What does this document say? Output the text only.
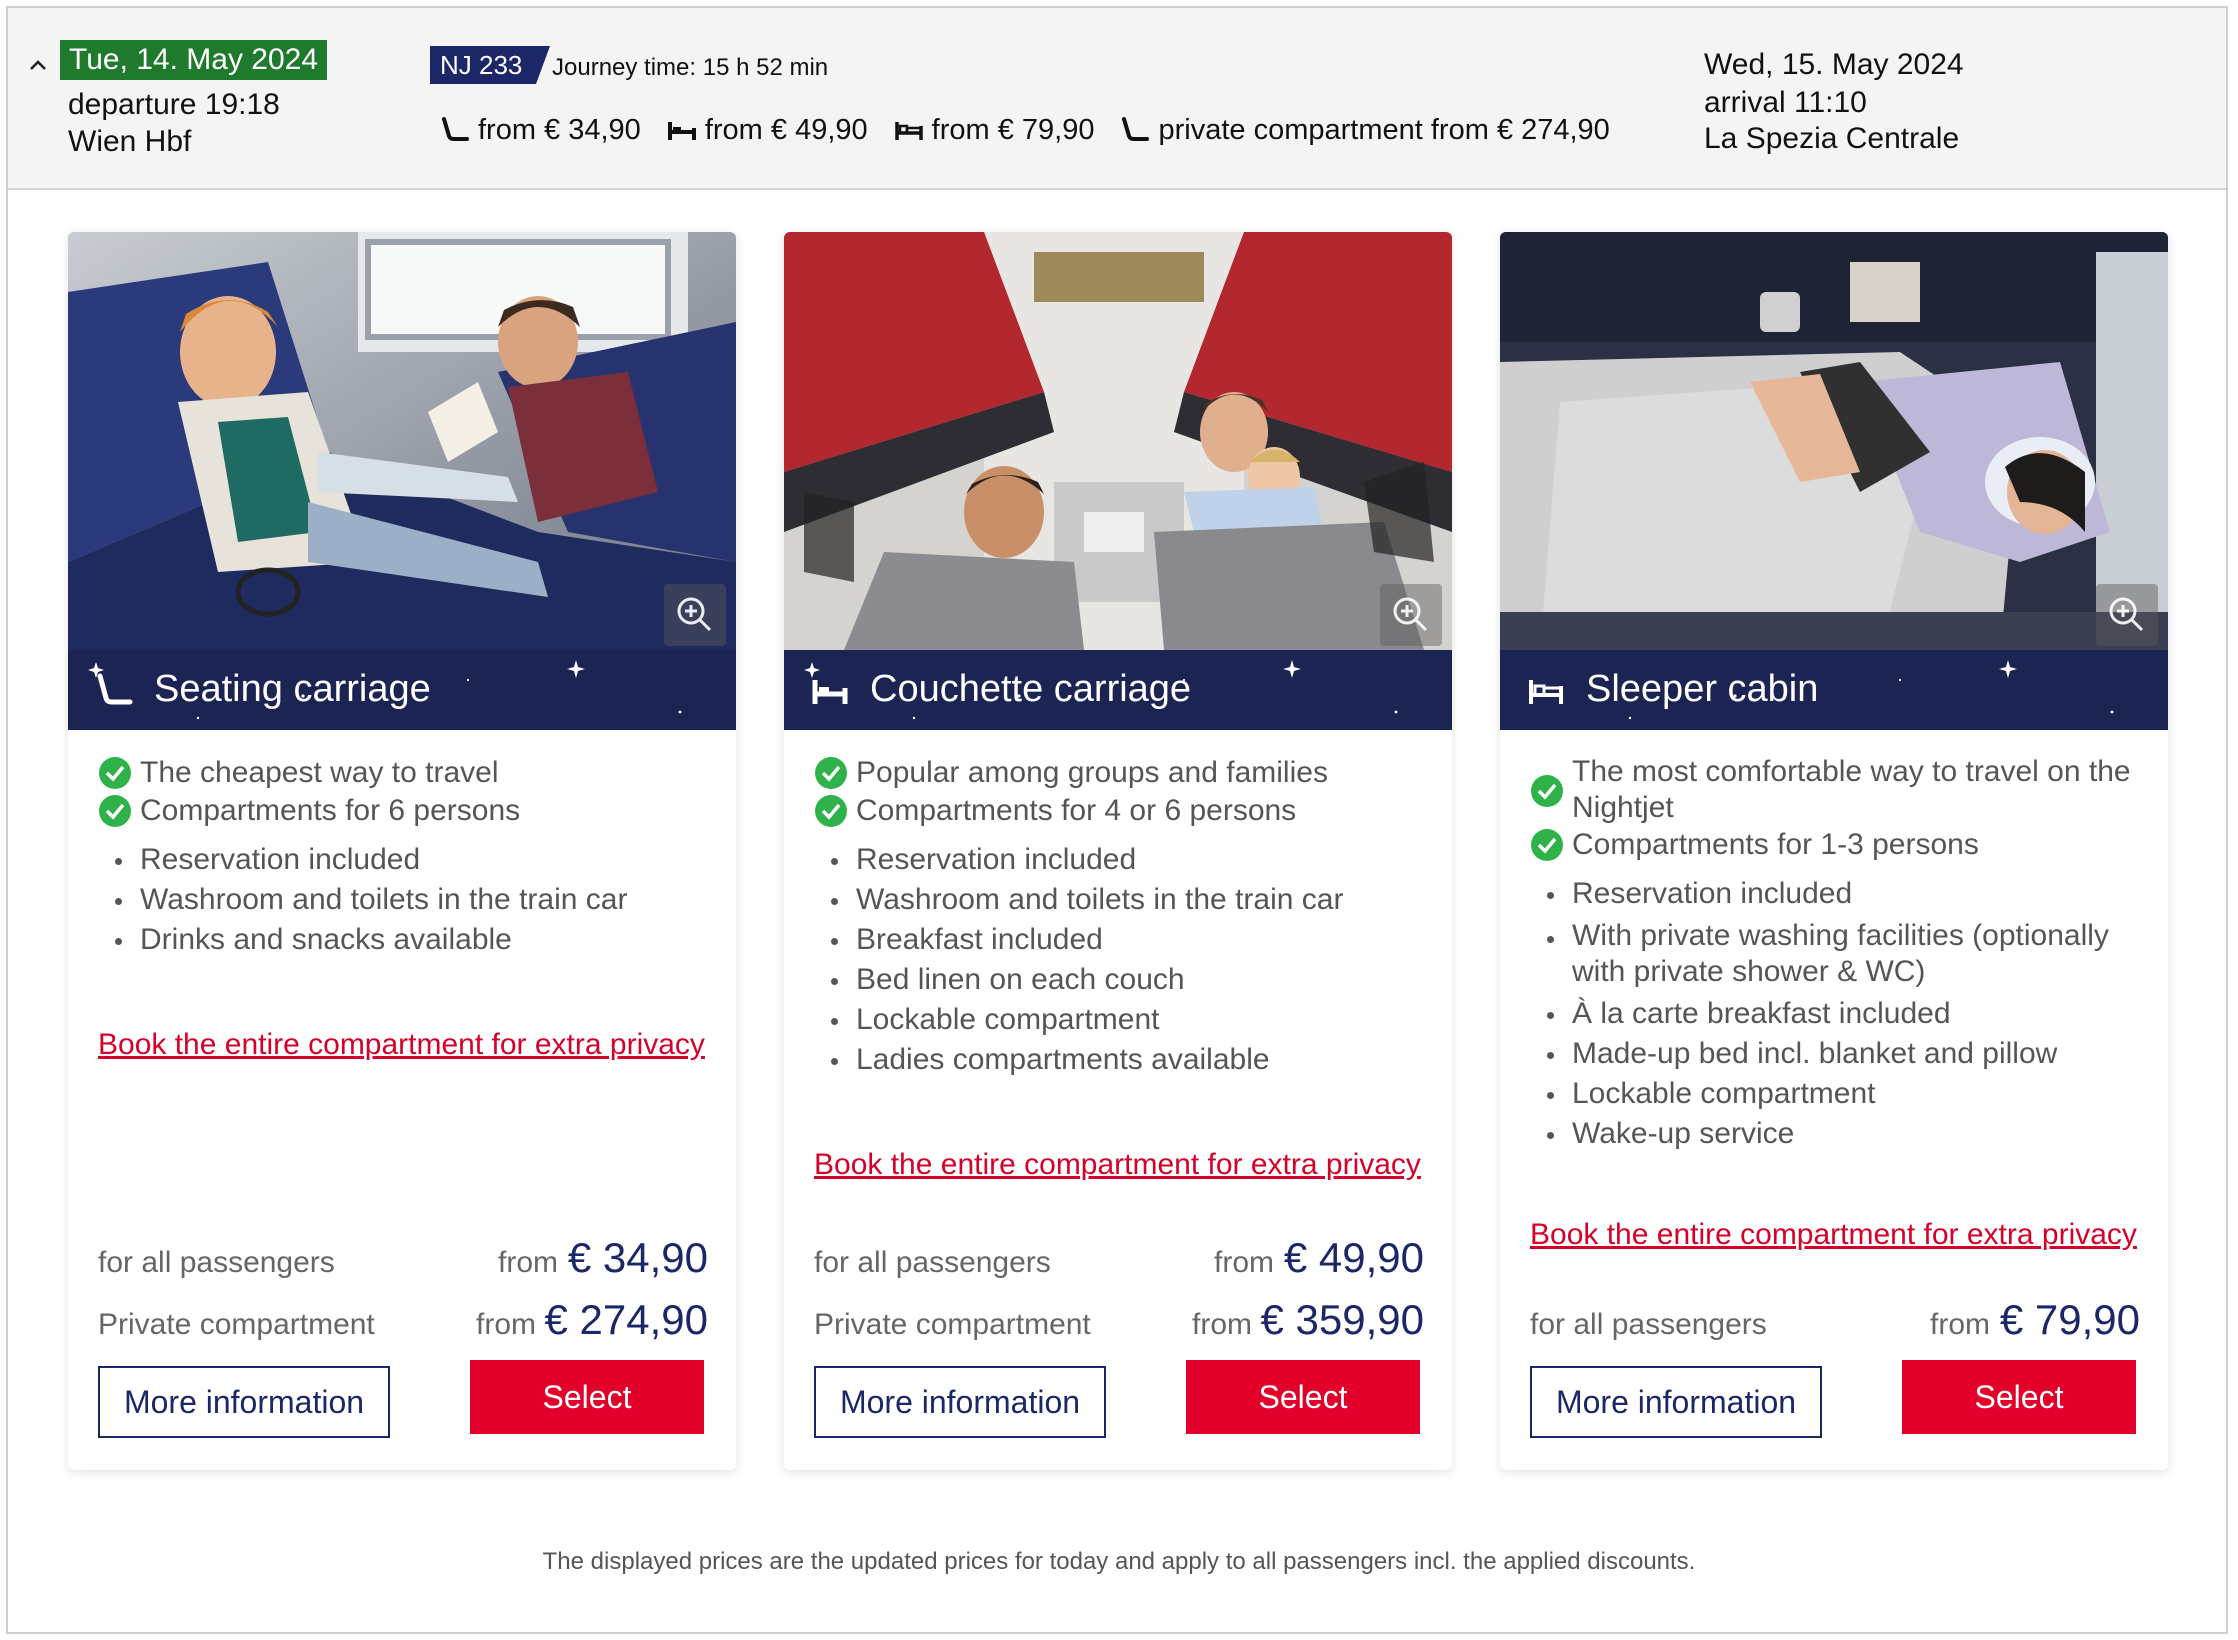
Tue, 14. May 2024
departure 19:18
Wien Hbf
NJ 233	Journey time: 15 h 52 min
from € 34,90 from € 49,90 from € 79,90 private compartment from € 274,90
Wed, 15. May 2024
arrival 11:10
La Spezia Centrale
Seating carriage
The cheapest way to travel
Compartments for 6 persons
Reservation included
Washroom and toilets in the train car
Drinks and snacks available
Book the entire compartment for extra privacy
for all passengers	from € 34,90
Private compartment	from € 274,90
More information	Select
Couchette carriage
Popular among groups and families
Compartments for 4 or 6 persons
Reservation included
Washroom and toilets in the train car
Breakfast included
Bed linen on each couch
Lockable compartment
Ladies compartments available
Book the entire compartment for extra privacy
for all passengers	from € 49,90
Private compartment	from € 359,90
More information	Select
Sleeper cabin
The most comfortable way to travel on the Nightjet
Compartments for 1-3 persons
Reservation included
With private washing facilities (optionally with private shower & WC)
À la carte breakfast included
Made-up bed incl. blanket and pillow
Lockable compartment
Wake-up service
Book the entire compartment for extra privacy
for all passengers	from € 79,90
More information	Select
The displayed prices are the updated prices for today and apply to all passengers incl. the applied discounts.
